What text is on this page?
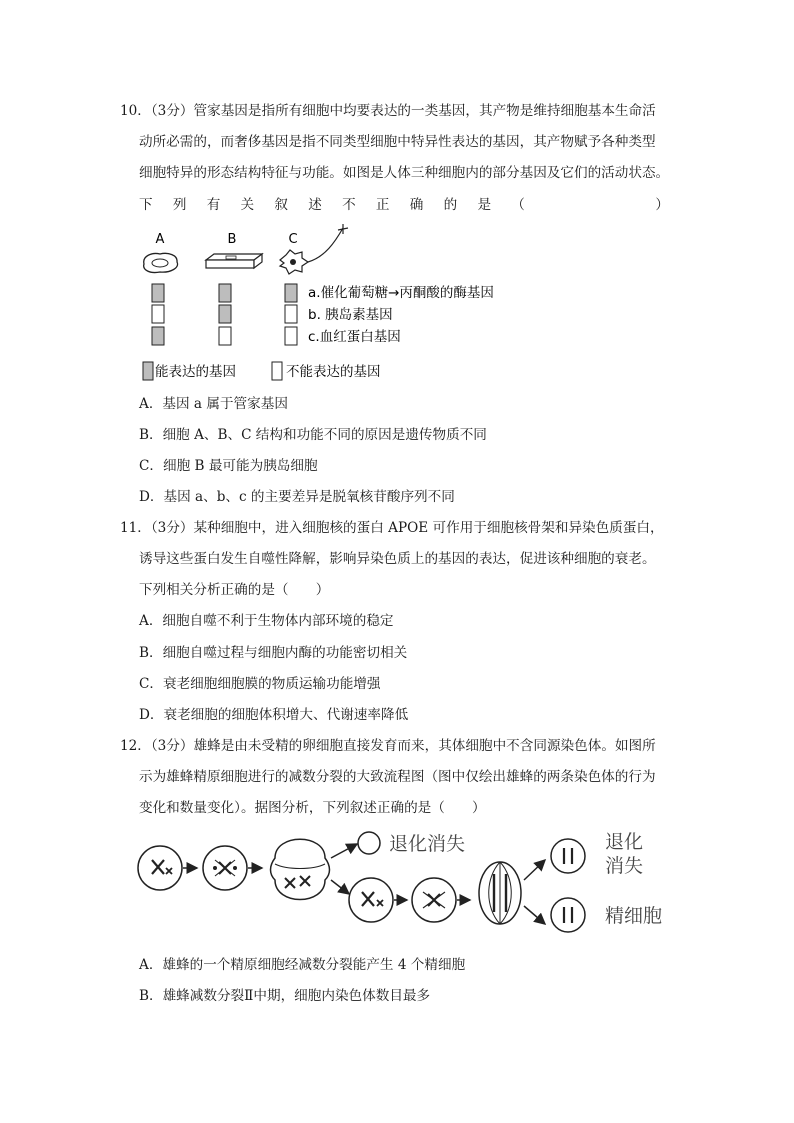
10．（3分）管家基因是指所有细胞中均要表达的一类基因，其产物是维持细胞基本生命活
动所必需的，而奢侈基因是指不同类型细胞中特异性表达的基因，其产物赋予各种类型
细胞特异的形态结构特征与功能。如图是人体三种细胞内的部分基因及它们的活动状态。
下 列 有 关 叙 述 不 正 确 的 是 （	）
A	B	C
a.催化葡萄糖→丙酮酸的酶基因
b. 胰岛素基因
c.血红蛋白基因
能表达的基因	不能表达的基因
A．基因 a 属于管家基因
B．细胞 A、B、C 结构和功能不同的原因是遗传物质不同
C．细胞 B 最可能为胰岛细胞
D．基因 a、b、c 的主要差异是脱氧核苷酸序列不同
11．（3分）某种细胞中，进入细胞核的蛋白 APOE 可作用于细胞核骨架和异染色质蛋白，
诱导这些蛋白发生自噬性降解，影响异染色质上的基因的表达，促进该种细胞的衰老。
下列相关分析正确的是（　　）
A．细胞自噬不利于生物体内部环境的稳定
B．细胞自噬过程与细胞内酶的功能密切相关
C．衰老细胞细胞膜的物质运输功能增强
D．衰老细胞的细胞体积增大、代谢速率降低
12．（3分）雄蜂是由未受精的卵细胞直接发育而来，其体细胞中不含同源染色体。如图所
示为雄蜂精原细胞进行的减数分裂的大致流程图（图中仅绘出雄蜂的两条染色体的行为
变化和数量变化）。据图分析，下列叙述正确的是（　　）
退化消失	退化
消失
精细胞
A．雄蜂的一个精原细胞经减数分裂能产生 4 个精细胞
B．雄蜂减数分裂Ⅱ中期，细胞内染色体数目最多
